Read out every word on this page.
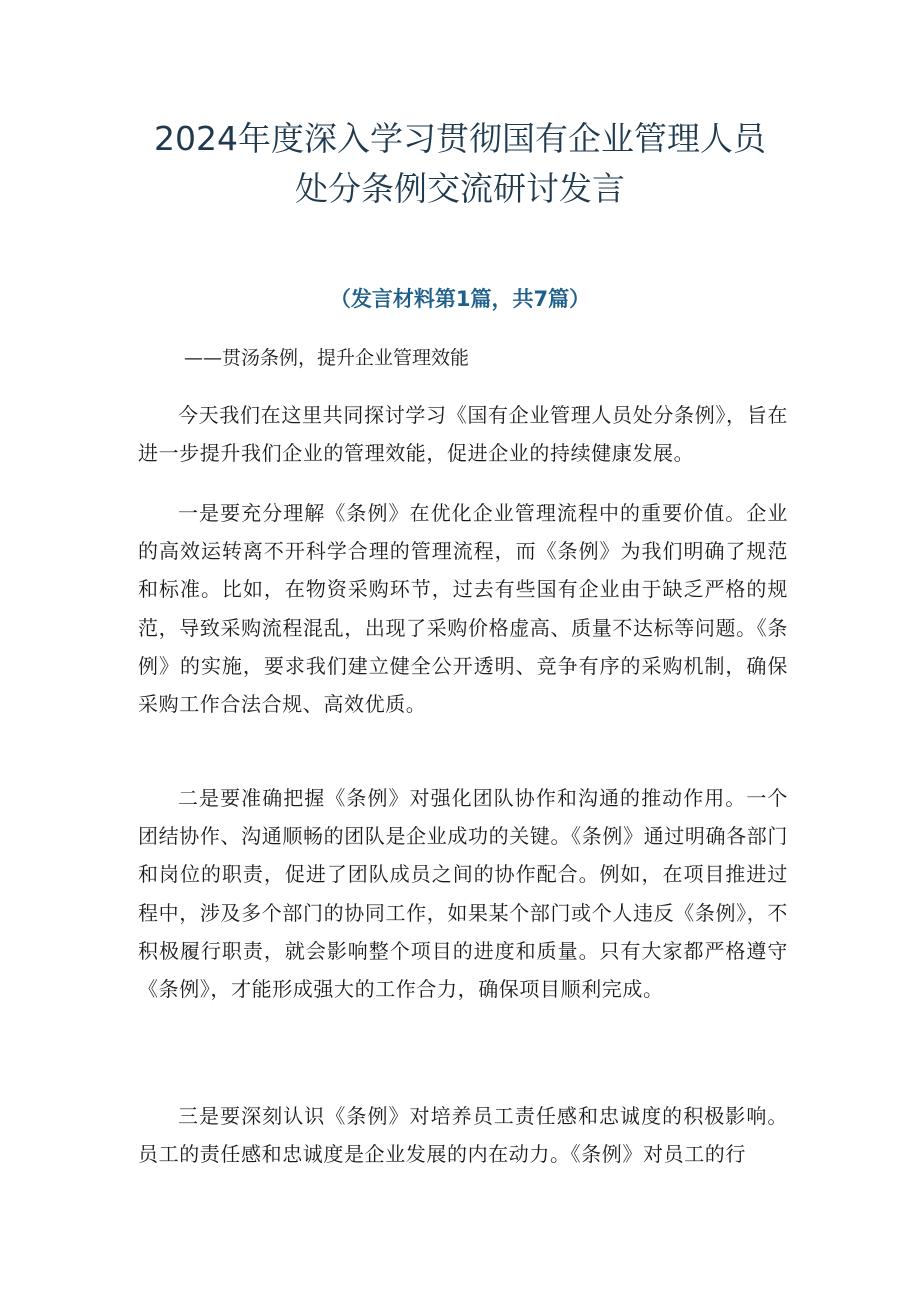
2024年度深入学习贯彻国有企业管理人员
处分条例交流研讨发言
（发言材料第1篇，共7篇）
——贯汤条例，提升企业管理效能

今天我们在这里共同探讨学习《国有企业管理人员处分条例》，旨在进一步提升我们企业的管理效能，促进企业的持续健康发展。

一是要充分理解《条例》在优化企业管理流程中的重要价值。企业的高效运转离不开科学合理的管理流程，而《条例》为我们明确了规范和标准。比如，在物资采购环节，过去有些国有企业由于缺乏严格的规范，导致采购流程混乱，出现了采购价格虚高、质量不达标等问题。《条例》的实施，要求我们建立健全公开透明、竞争有序的采购机制，确保采购工作合法合规、高效优质。

二是要准确把握《条例》对强化团队协作和沟通的推动作用。一个团结协作、沟通顺畅的团队是企业成功的关键。《条例》通过明确各部门和岗位的职责，促进了团队成员之间的协作配合。例如，在项目推进过程中，涉及多个部门的协同工作，如果某个部门或个人违反《条例》，不积极履行职责，就会影响整个项目的进度和质量。只有大家都严格遵守《条例》，才能形成强大的工作合力，确保项目顺利完成。

三是要深刻认识《条例》对培养员工责任感和忠诚度的积极影响。员工的责任感和忠诚度是企业发展的内在动力。《条例》对员工的行
